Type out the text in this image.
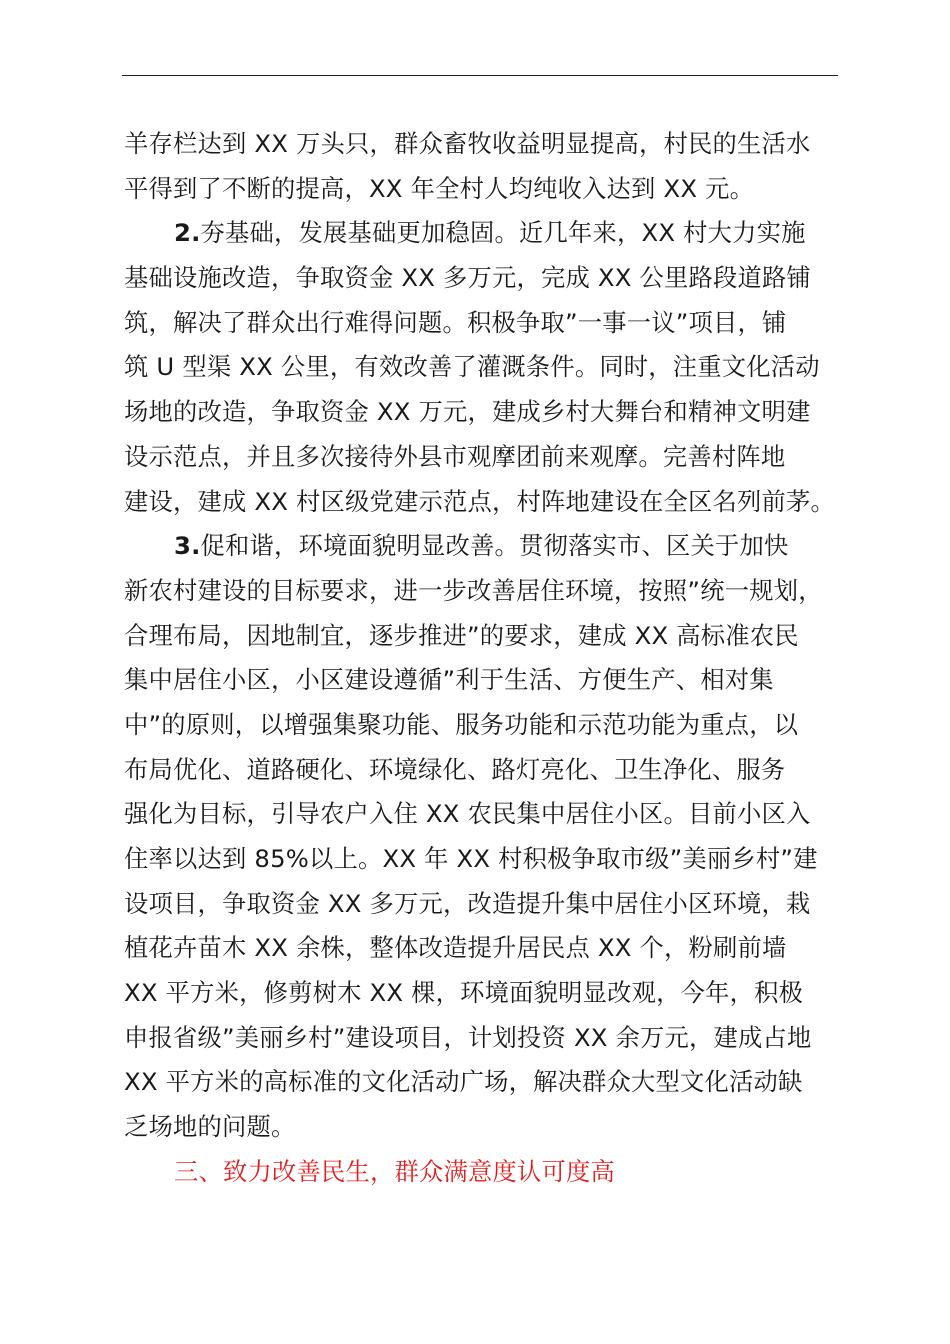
羊存栏达到 XX 万头只，群众畜牧收益明显提高，村民的生活水
平得到了不断的提高，XX 年全村人均纯收入达到 XX 元。
2.夯基础，发展基础更加稳固。近几年来，XX 村大力实施
基础设施改造，争取资金 XX 多万元，完成 XX 公里路段道路铺
筑，解决了群众出行难得问题。积极争取”一事一议”项目，铺
筑 U 型渠 XX 公里，有效改善了灌溉条件。同时，注重文化活动
场地的改造，争取资金 XX 万元，建成乡村大舞台和精神文明建
设示范点，并且多次接待外县市观摩团前来观摩。完善村阵地
建设，建成 XX 村区级党建示范点，村阵地建设在全区名列前茅。
3.促和谐，环境面貌明显改善。贯彻落实市、区关于加快
新农村建设的目标要求，进一步改善居住环境，按照”统一规划，
合理布局，因地制宜，逐步推进”的要求，建成 XX 高标准农民
集中居住小区，小区建设遵循”利于生活、方便生产、相对集
中”的原则，以增强集聚功能、服务功能和示范功能为重点，以
布局优化、道路硬化、环境绿化、路灯亮化、卫生净化、服务
强化为目标，引导农户入住 XX 农民集中居住小区。目前小区入
住率以达到 85%以上。XX 年 XX 村积极争取市级”美丽乡村”建
设项目，争取资金 XX 多万元，改造提升集中居住小区环境，栽
植花卉苗木 XX 余株，整体改造提升居民点 XX 个，粉刷前墙
XX 平方米，修剪树木 XX 棵，环境面貌明显改观，今年，积极
申报省级”美丽乡村”建设项目，计划投资 XX 余万元，建成占地
XX 平方米的高标准的文化活动广场，解决群众大型文化活动缺
乏场地的问题。
三、致力改善民生，群众满意度认可度高
